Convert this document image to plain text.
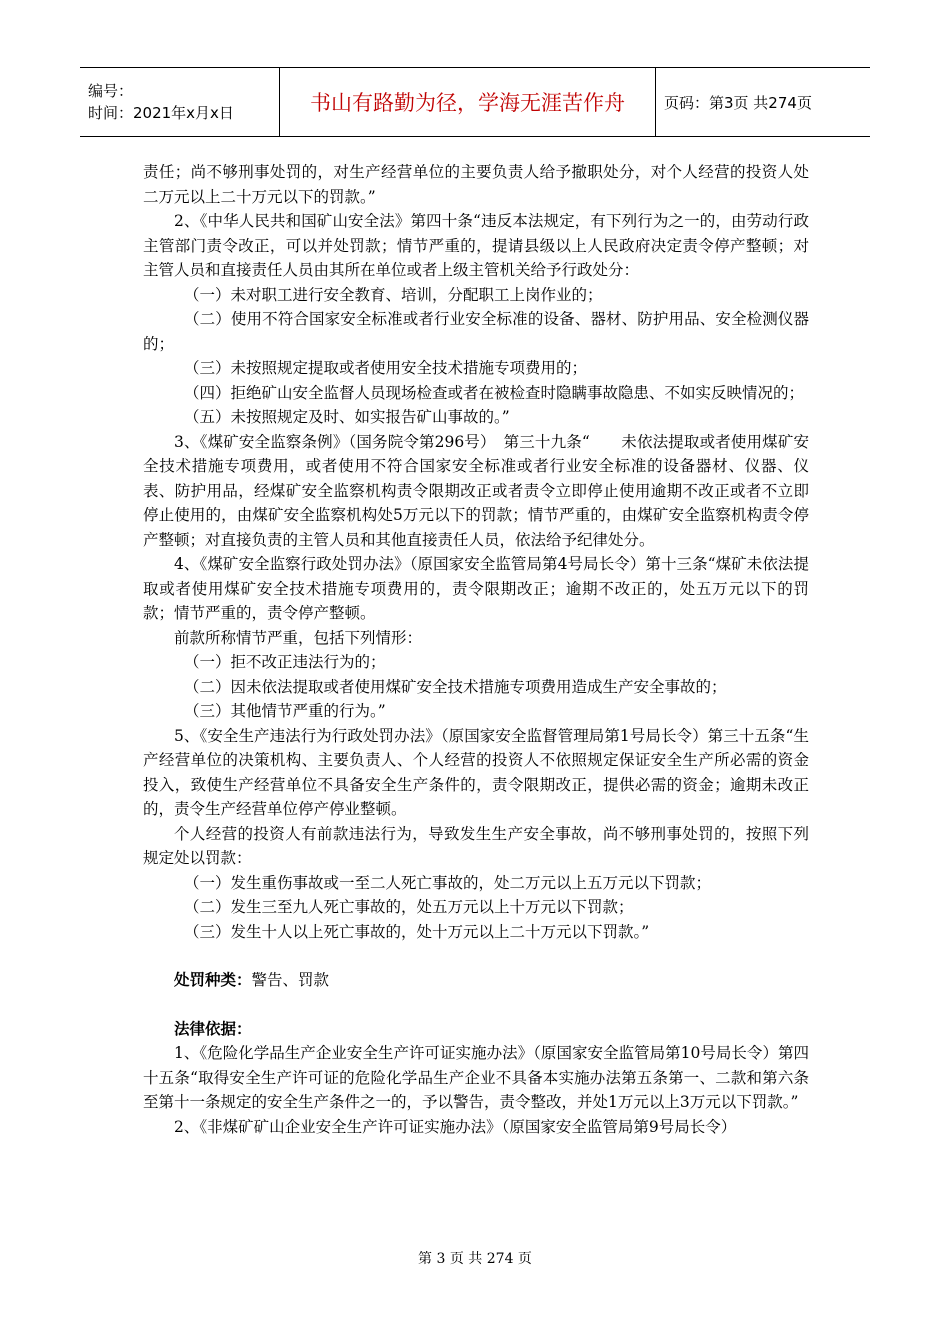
编号：
时间：2021年x月x日	书山有路勤为径，学海无涯苦作舟	页码：第3页 共274页

责任；尚不够刑事处罚的，对生产经营单位的主要负责人给予撤职处分，对个人经营的投资人处二万元以上二十万元以下的罚款。”

2、《中华人民共和国矿山安全法》第四十条“违反本法规定，有下列行为之一的，由劳动行政主管部门责令改正，可以并处罚款；情节严重的，提请县级以上人民政府决定责令停产整顿；对主管人员和直接责任人员由其所在单位或者上级主管机关给予行政处分：

（一）未对职工进行安全教育、培训，分配职工上岗作业的；

（二）使用不符合国家安全标准或者行业安全标准的设备、器材、防护用品、安全检测仪器的；

（三）未按照规定提取或者使用安全技术措施专项费用的；

（四）拒绝矿山安全监督人员现场检查或者在被检查时隐瞒事故隐患、不如实反映情况的；

（五）未按照规定及时、如实报告矿山事故的。”

3、《煤矿安全监察条例》（国务院令第296号）　第三十九条“　　未依法提取或者使用煤矿安全技术措施专项费用，或者使用不符合国家安全标准或者行业安全标准的设备器材、仪器、仪表、防护用品，经煤矿安全监察机构责令限期改正或者责令立即停止使用逾期不改正或者不立即停止使用的，由煤矿安全监察机构处5万元以下的罚款；情节严重的，由煤矿安全监察机构责令停产整顿；对直接负责的主管人员和其他直接责任人员，依法给予纪律处分。

4、《煤矿安全监察行政处罚办法》（原国家安全监管局第4号局长令）第十三条“煤矿未依法提取或者使用煤矿安全技术措施专项费用的，责令限期改正；逾期不改正的，处五万元以下的罚款；情节严重的，责令停产整顿。

前款所称情节严重，包括下列情形：

（一）拒不改正违法行为的；

（二）因未依法提取或者使用煤矿安全技术措施专项费用造成生产安全事故的；

（三）其他情节严重的行为。”

5、《安全生产违法行为行政处罚办法》（原国家安全监督管理局第1号局长令）第三十五条“生产经营单位的决策机构、主要负责人、个人经营的投资人不依照规定保证安全生产所必需的资金投入，致使生产经营单位不具备安全生产条件的，责令限期改正，提供必需的资金；逾期未改正的，责令生产经营单位停产停业整顿。

个人经营的投资人有前款违法行为，导致发生生产安全事故，尚不够刑事处罚的，按照下列规定处以罚款：

（一）发生重伤事故或一至二人死亡事故的，处二万元以上五万元以下罚款；

（二）发生三至九人死亡事故的，处五万元以上十万元以下罚款；

（三）发生十人以上死亡事故的，处十万元以上二十万元以下罚款。”

处罚种类：警告、罚款

法律依据：

1、《危险化学品生产企业安全生产许可证实施办法》（原国家安全监管局第10号局长令）第四十五条“取得安全生产许可证的危险化学品生产企业不具备本实施办法第五条第一、二款和第六条至第十一条规定的安全生产条件之一的，予以警告，责令整改，并处1万元以上3万元以下罚款。”

2、《非煤矿矿山企业安全生产许可证实施办法》（原国家安全监管局第9号局长令）

第 3 页 共 274 页
